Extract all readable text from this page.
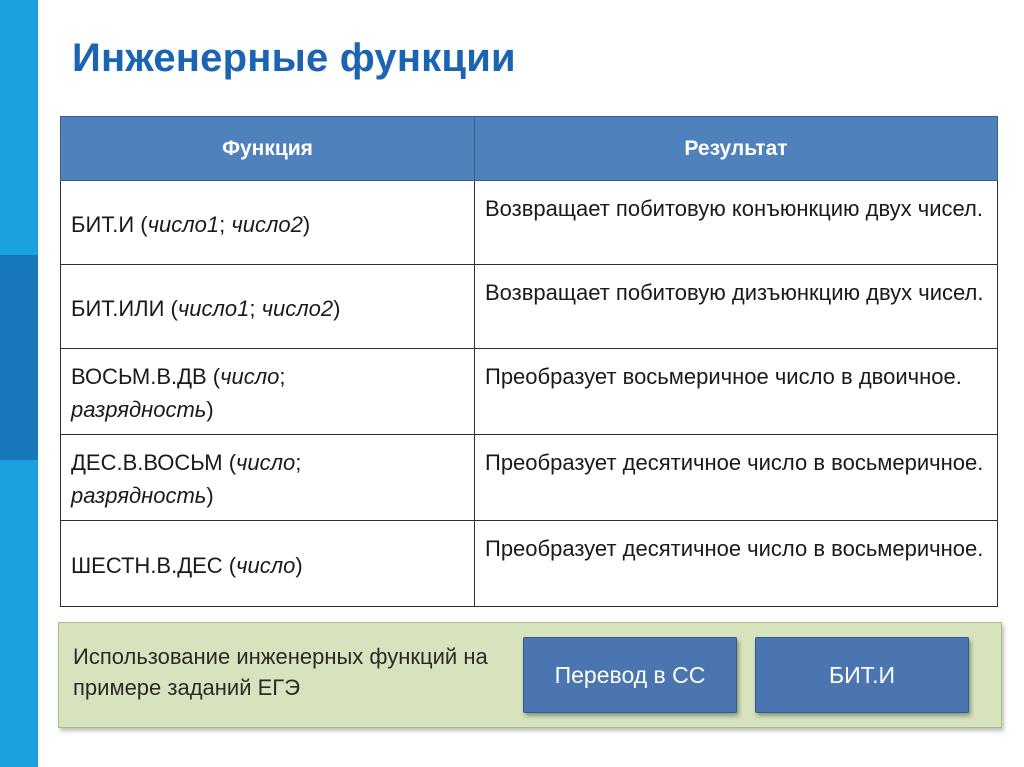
Инженерные функции
Функция	Результат
БИТ.И (число1; число2)	Возвращает побитовую конъюнкцию двух чисел.
БИТ.ИЛИ (число1; число2)	Возвращает побитовую дизъюнкцию двух чисел.
ВОСЬМ.В.ДВ (число;
разрядность)	Преобразует восьмеричное число в двоичное.
ДЕС.В.ВОСЬМ (число;
разрядность)	Преобразует десятичное число в восьмеричное.
ШЕСТН.В.ДЕС (число)	Преобразует десятичное число в восьмеричное.
Использование инженерных функций на примере заданий ЕГЭ	Перевод в СС	БИТ.И
